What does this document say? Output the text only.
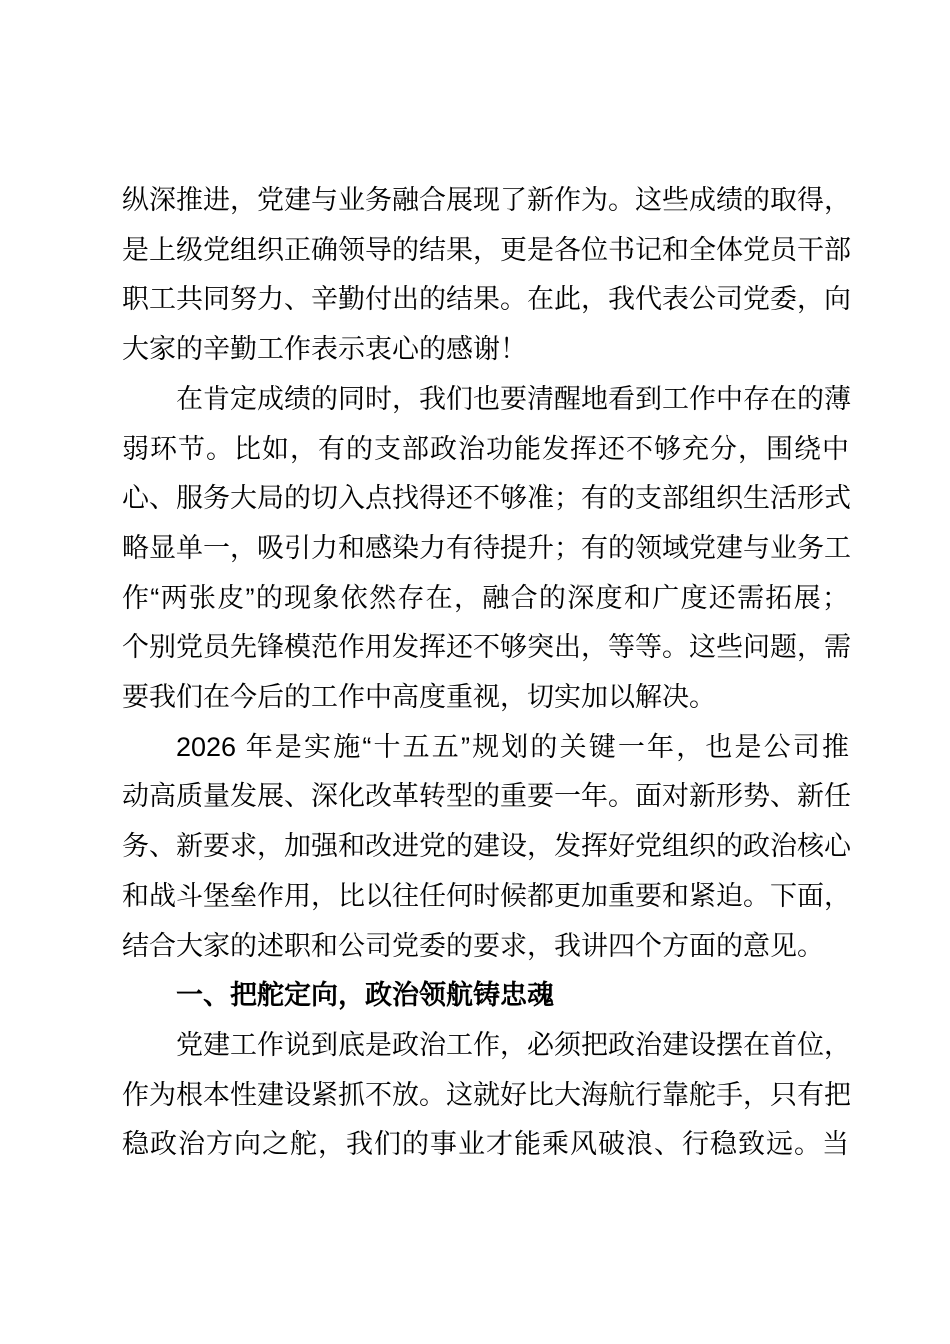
纵深推进，党建与业务融合展现了新作为。这些成绩的取得，
是上级党组织正确领导的结果，更是各位书记和全体党员干部
职工共同努力、辛勤付出的结果。在此，我代表公司党委，向
大家的辛勤工作表示衷心的感谢！
在肯定成绩的同时，我们也要清醒地看到工作中存在的薄
弱环节。比如，有的支部政治功能发挥还不够充分，围绕中
心、服务大局的切入点找得还不够准；有的支部组织生活形式
略显单一，吸引力和感染力有待提升；有的领域党建与业务工
作“两张皮”的现象依然存在，融合的深度和广度还需拓展；
个别党员先锋模范作用发挥还不够突出，等等。这些问题，需
要我们在今后的工作中高度重视，切实加以解决。
2026 年是实施“十五五”规划的关键一年，也是公司推
动高质量发展、深化改革转型的重要一年。面对新形势、新任
务、新要求，加强和改进党的建设，发挥好党组织的政治核心
和战斗堡垒作用，比以往任何时候都更加重要和紧迫。下面，
结合大家的述职和公司党委的要求，我讲四个方面的意见。
一、把舵定向，政治领航铸忠魂
党建工作说到底是政治工作，必须把政治建设摆在首位，
作为根本性建设紧抓不放。这就好比大海航行靠舵手，只有把
稳政治方向之舵，我们的事业才能乘风破浪、行稳致远。当
